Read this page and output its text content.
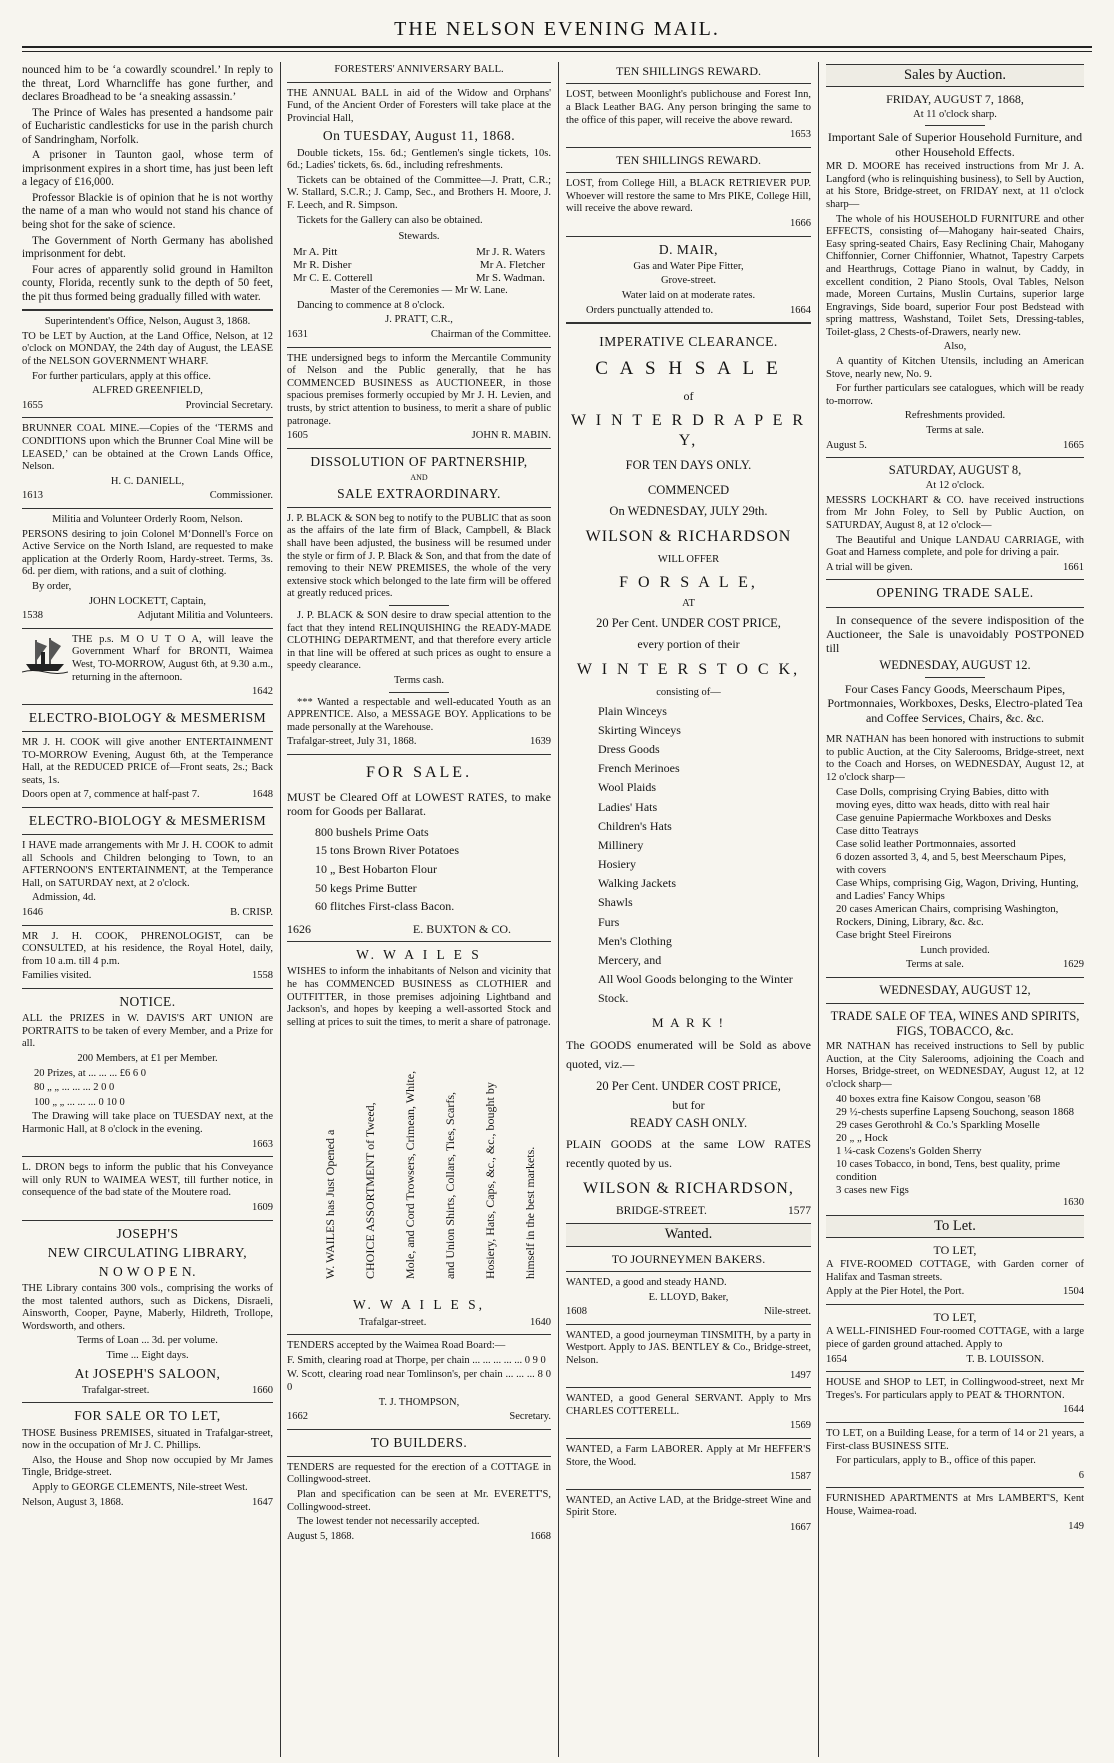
THE NELSON EVENING MAIL.

nounced him to be ‘a cowardly scoundrel.’ In reply to the threat, Lord Wharncliffe has gone further, and declares Broadhead to be ‘a sneaking assassin.’

The Prince of Wales has presented a handsome pair of Eucharistic candlesticks for use in the parish church of Sandringham, Norfolk.

A prisoner in Taunton gaol, whose term of imprisonment expires in a short time, has just been left a legacy of £16,000.

Professor Blackie is of opinion that he is not worthy the name of a man who would not stand his chance of being shot for the sake of science.

The Government of North Germany has abolished imprisonment for debt.

Four acres of apparently solid ground in Hamilton county, Florida, recently sunk to the depth of 50 feet, the pit thus formed being gradually filled with water.

Superintendent's Office, Nelson, August 3, 1868.

TO be LET by Auction, at the Land Office, Nelson, at 12 o'clock on MONDAY, the 24th day of August, the LEASE of the NELSON GOVERNMENT WHARF.

For further particulars, apply at this office.

ALFRED GREENFIELD,

1655	Provincial Secretary.

BRUNNER COAL MINE.—Copies of the ‘TERMS and CONDITIONS upon which the Brunner Coal Mine will be LEASED,’ can be obtained at the Crown Lands Office, Nelson.

H. C. DANIELL,

1613	Commissioner.

Militia and Volunteer Orderly Room, Nelson.

PERSONS desiring to join Colonel M‘Donnell's Force on Active Service on the North Island, are requested to make application at the Orderly Room, Hardy-street. Terms, 3s. 6d. per diem, with rations, and a suit of clothing.

By order,

JOHN LOCKETT, Captain,

1538	Adjutant Militia and Volunteers.

THE p.s. M O U T O A, will leave the Government Wharf for BRONTI, Waimea West, TO-MORROW, August 6th, at 9.30 a.m., returning in the afternoon.

1642

ELECTRO-BIOLOGY & MESMERISM

MR J. H. COOK will give another ENTERTAINMENT TO-MORROW Evening, August 6th, at the Temperance Hall, at the REDUCED PRICE of—Front seats, 2s.; Back seats, 1s.

Doors open at 7, commence at half-past 7.	1648

ELECTRO-BIOLOGY & MESMERISM

I HAVE made arrangements with Mr J. H. COOK to admit all Schools and Children belonging to Town, to an AFTERNOON'S ENTERTAINMENT, at the Temperance Hall, on SATURDAY next, at 2 o'clock.

Admission, 4d.

1646	B. CRISP.

MR J. H. COOK, PHRENOLOGIST, can be CONSULTED, at his residence, the Royal Hotel, daily, from 10 a.m. till 4 p.m.

Families visited.	1558

NOTICE.

ALL the PRIZES in W. DAVIS'S ART UNION are PORTRAITS to be taken of every Member, and a Prize for all.

200 Members, at £1 per Member.

20 Prizes, at ... ... ... £6 6 0

80 „ „ ... ... ... 2 0 0

100 „ „ ... ... ... 0 10 0

The Drawing will take place on TUESDAY next, at the Harmonic Hall, at 8 o'clock in the evening.

1663

L. DRON begs to inform the public that his Conveyance will only RUN to WAIMEA WEST, till further notice, in consequence of the bad state of the Moutere road.

1609

JOSEPH'S

NEW CIRCULATING LIBRARY,

N O W O P E N.

THE Library contains 300 vols., comprising the works of the most talented authors, such as Dickens, Disraeli, Ainsworth, Cooper, Payne, Maberly, Hildreth, Trollope, Wordsworth, and others.

Terms of Loan ... 3d. per volume.

Time ... Eight days.

At JOSEPH'S SALOON,

Trafalgar-street.	1660

FOR SALE OR TO LET,

THOSE Business PREMISES, situated in Trafalgar-street, now in the occupation of Mr J. C. Phillips.

Also, the House and Shop now occupied by Mr James Tingle, Bridge-street.

Apply to GEORGE CLEMENTS, Nile-street West.

Nelson, August 3, 1868.	1647

FORESTERS' ANNIVERSARY BALL.

THE ANNUAL BALL in aid of the Widow and Orphans' Fund, of the Ancient Order of Foresters will take place at the Provincial Hall,

On TUESDAY, August 11, 1868.

Double tickets, 15s. 6d.; Gentlemen's single tickets, 10s. 6d.; Ladies' tickets, 6s. 6d., including refreshments.

Tickets can be obtained of the Committee—J. Pratt, C.R.; W. Stallard, S.C.R.; J. Camp, Sec., and Brothers H. Moore, J. F. Leech, and R. Simpson.

Tickets for the Gallery can also be obtained.

Stewards.

Mr A. Pitt	Mr J. R. Waters
Mr R. Disher	Mr A. Fletcher
Mr C. E. Cotterell	Mr S. Wadman.

Master of the Ceremonies — Mr W. Lane.

Dancing to commence at 8 o'clock.

J. PRATT, C.R.,

1631	Chairman of the Committee.

THE undersigned begs to inform the Mercantile Community of Nelson and the Public generally, that he has COMMENCED BUSINESS as AUCTIONEER, in those spacious premises formerly occupied by Mr J. H. Levien, and trusts, by strict attention to business, to merit a share of public patronage.

1605	JOHN R. MABIN.

DISSOLUTION OF PARTNERSHIP,

AND

SALE EXTRAORDINARY.

J. P. BLACK & SON beg to notify to the PUBLIC that as soon as the affairs of the late firm of Black, Campbell, & Black shall have been adjusted, the business will be resumed under the style or firm of J. P. Black & Son, and that from the date of removing to their NEW PREMISES, the whole of the very extensive stock which belonged to the late firm will be offered at greatly reduced prices.

J. P. BLACK & SON desire to draw special attention to the fact that they intend RELINQUISHING the READY-MADE CLOTHING DEPARTMENT, and that therefore every article in that line will be offered at such prices as ought to ensure a speedy clearance.

Terms cash.

*** Wanted a respectable and well-educated Youth as an APPRENTICE. Also, a MESSAGE BOY. Applications to be made personally at the Warehouse.

Trafalgar-street, July 31, 1868.	1639

FOR SALE.

MUST be Cleared Off at LOWEST RATES, to make room for Goods per Ballarat.

800 bushels Prime Oats
15 tons Brown River Potatoes
10 „ Best Hobarton Flour
50 kegs Prime Butter
60 flitches First-class Bacon.
1626	E. BUXTON & CO.

W. W A I L E S

WISHES to inform the inhabitants of Nelson and vicinity that he has COMMENCED BUSINESS as CLOTHIER and OUTFITTER, in those premises adjoining Lightband and Jackson's, and hopes by keeping a well-assorted Stock and selling at prices to suit the times, to merit a share of patronage.

W. WAILES has Just Opened a CHOICE ASSORTMENT of Tweed, Mole, and Cord Trowsers, Crimean, White, and Union Shirts, Collars, Ties, Scarfs, Hosiery, Hats, Caps, &c., &c., bought by himself in the best markets.

W. W A I L E S,

Trafalgar-street.	1640

TENDERS accepted by the Waimea Road Board:—

F. Smith, clearing road at Thorpe, per chain ... ... ... ... ... 0 9 0

W. Scott, clearing road near Tomlinson's, per chain ... ... ... 8 0 0

T. J. THOMPSON,

1662	Secretary.

TO BUILDERS.

TENDERS are requested for the erection of a COTTAGE in Collingwood-street.

Plan and specification can be seen at Mr. EVERETT'S, Collingwood-street.

The lowest tender not necessarily accepted.

August 5, 1868.	1668

TEN SHILLINGS REWARD.

LOST, between Moonlight's publichouse and Forest Inn, a Black Leather BAG. Any person bringing the same to the office of this paper, will receive the above reward.

1653

TEN SHILLINGS REWARD.

LOST, from College Hill, a BLACK RETRIEVER PUP. Whoever will restore the same to Mrs PIKE, College Hill, will receive the above reward.

1666

D. MAIR,

Gas and Water Pipe Fitter,

Grove-street.

Water laid on at moderate rates.

Orders punctually attended to.	1664

IMPERATIVE CLEARANCE.

C A S H S A L E

of

W I N T E R D R A P E R Y,

FOR TEN DAYS ONLY.

COMMENCED

On WEDNESDAY, JULY 29th.

WILSON & RICHARDSON

WILL OFFER

F O R S A L E,

AT

20 Per Cent. UNDER COST PRICE,

every portion of their

W I N T E R S T O C K,

consisting of—

Plain Winceys
Skirting Winceys
Dress Goods
French Merinoes
Wool Plaids
Ladies' Hats
Children's Hats
Millinery
Hosiery
Walking Jackets
Shawls
Furs
Men's Clothing
Mercery, and
All Wool Goods belonging to the Winter Stock.

M A R K !

The GOODS enumerated will be Sold as above quoted, viz.—

20 Per Cent. UNDER COST PRICE,

but for

READY CASH ONLY.

PLAIN GOODS at the same LOW RATES recently quoted by us.

WILSON & RICHARDSON,

BRIDGE-STREET.	1577
Wanted.

TO JOURNEYMEN BAKERS.

WANTED, a good and steady HAND.

E. LLOYD, Baker,

1608	Nile-street.

WANTED, a good journeyman TINSMITH, by a party in Westport. Apply to JAS. BENTLEY & Co., Bridge-street, Nelson.

1497

WANTED, a good General SERVANT. Apply to Mrs CHARLES COTTERELL.

1569

WANTED, a Farm LABORER. Apply at Mr HEFFER'S Store, the Wood.

1587

WANTED, an Active LAD, at the Bridge-street Wine and Spirit Store.

1667

Sales by Auction.

FRIDAY, AUGUST 7, 1868,

At 11 o'clock sharp.

Important Sale of Superior Household Furniture, and other Household Effects.

MR D. MOORE has received instructions from Mr J. A. Langford (who is relinquishing business), to Sell by Auction, at his Store, Bridge-street, on FRIDAY next, at 11 o'clock sharp—

The whole of his HOUSEHOLD FURNITURE and other EFFECTS, consisting of—Mahogany hair-seated Chairs, Easy spring-seated Chairs, Easy Reclining Chair, Mahogany Chiffonnier, Corner Chiffonnier, Whatnot, Tapestry Carpets and Hearthrugs, Cottage Piano in walnut, by Caddy, in excellent condition, 2 Piano Stools, Oval Tables, Nelson made, Moreen Curtains, Muslin Curtains, superior large Engravings, Side board, superior Four post Bedstead with spring mattress, Washstand, Toilet Sets, Dressing-tables, Toilet-glass, 2 Chests-of-Drawers, nearly new.

Also,

A quantity of Kitchen Utensils, including an American Stove, nearly new, No. 9.

For further particulars see catalogues, which will be ready to-morrow.

Refreshments provided.

Terms at sale.

August 5.	1665

SATURDAY, AUGUST 8,

At 12 o'clock.

MESSRS LOCKHART & CO. have received instructions from Mr John Foley, to Sell by Public Auction, on SATURDAY, August 8, at 12 o'clock—

The Beautiful and Unique LANDAU CARRIAGE, with Goat and Harness complete, and pole for driving a pair.

A trial will be given.	1661

OPENING TRADE SALE.

In consequence of the severe indisposition of the Auctioneer, the Sale is unavoidably POSTPONED till

WEDNESDAY, AUGUST 12.

Four Cases Fancy Goods, Meerschaum Pipes, Portmonnaies, Workboxes, Desks, Electro-plated Tea and Coffee Services, Chairs, &c. &c.

MR NATHAN has been honored with instructions to submit to public Auction, at the City Salerooms, Bridge-street, next to the Coach and Horses, on WEDNESDAY, August 12, at 12 o'clock sharp—

Case Dolls, comprising Crying Babies, ditto with moving eyes, ditto wax heads, ditto with real hair
Case genuine Papiermache Workboxes and Desks
Case ditto Teatrays
Case solid leather Portmonnaies, assorted
6 dozen assorted 3, 4, and 5, best Meerschaum Pipes, with covers
Case Whips, comprising Gig, Wagon, Driving, Hunting, and Ladies' Fancy Whips
20 cases American Chairs, comprising Washington, Rockers, Dining, Library, &c. &c.
Case bright Steel Fireirons

Lunch provided.

Terms at sale.	1629

WEDNESDAY, AUGUST 12,

TRADE SALE OF TEA, WINES AND SPIRITS, FIGS, TOBACCO, &c.

MR NATHAN has received instructions to Sell by public Auction, at the City Salerooms, adjoining the Coach and Horses, Bridge-street, on WEDNESDAY, August 12, at 12 o'clock sharp—

40 boxes extra fine Kaisow Congou, season '68
29 ½-chests superfine Lapseng Souchong, season 1868
29 cases Gerothrohl & Co.'s Sparkling Moselle
20 „ „ Hock
1 ¼-cask Cozens's Golden Sherry
10 cases Tobacco, in bond, Tens, best quality, prime condition
3 cases new Figs

1630

To Let.

TO LET,

A FIVE-ROOMED COTTAGE, with Garden corner of Halifax and Tasman streets.

Apply at the Pier Hotel, the Port.	1504

TO LET,

A WELL-FINISHED Four-roomed COTTAGE, with a large piece of garden ground attached. Apply to

1654	T. B. LOUISSON.

HOUSE and SHOP to LET, in Collingwood-street, next Mr Treges's. For particulars apply to PEAT & THORNTON.

1644

TO LET, on a Building Lease, for a term of 14 or 21 years, a First-class BUSINESS SITE.

For particulars, apply to B., office of this paper.

6

FURNISHED APARTMENTS at Mrs LAMBERT'S, Kent House, Waimea-road.

149
